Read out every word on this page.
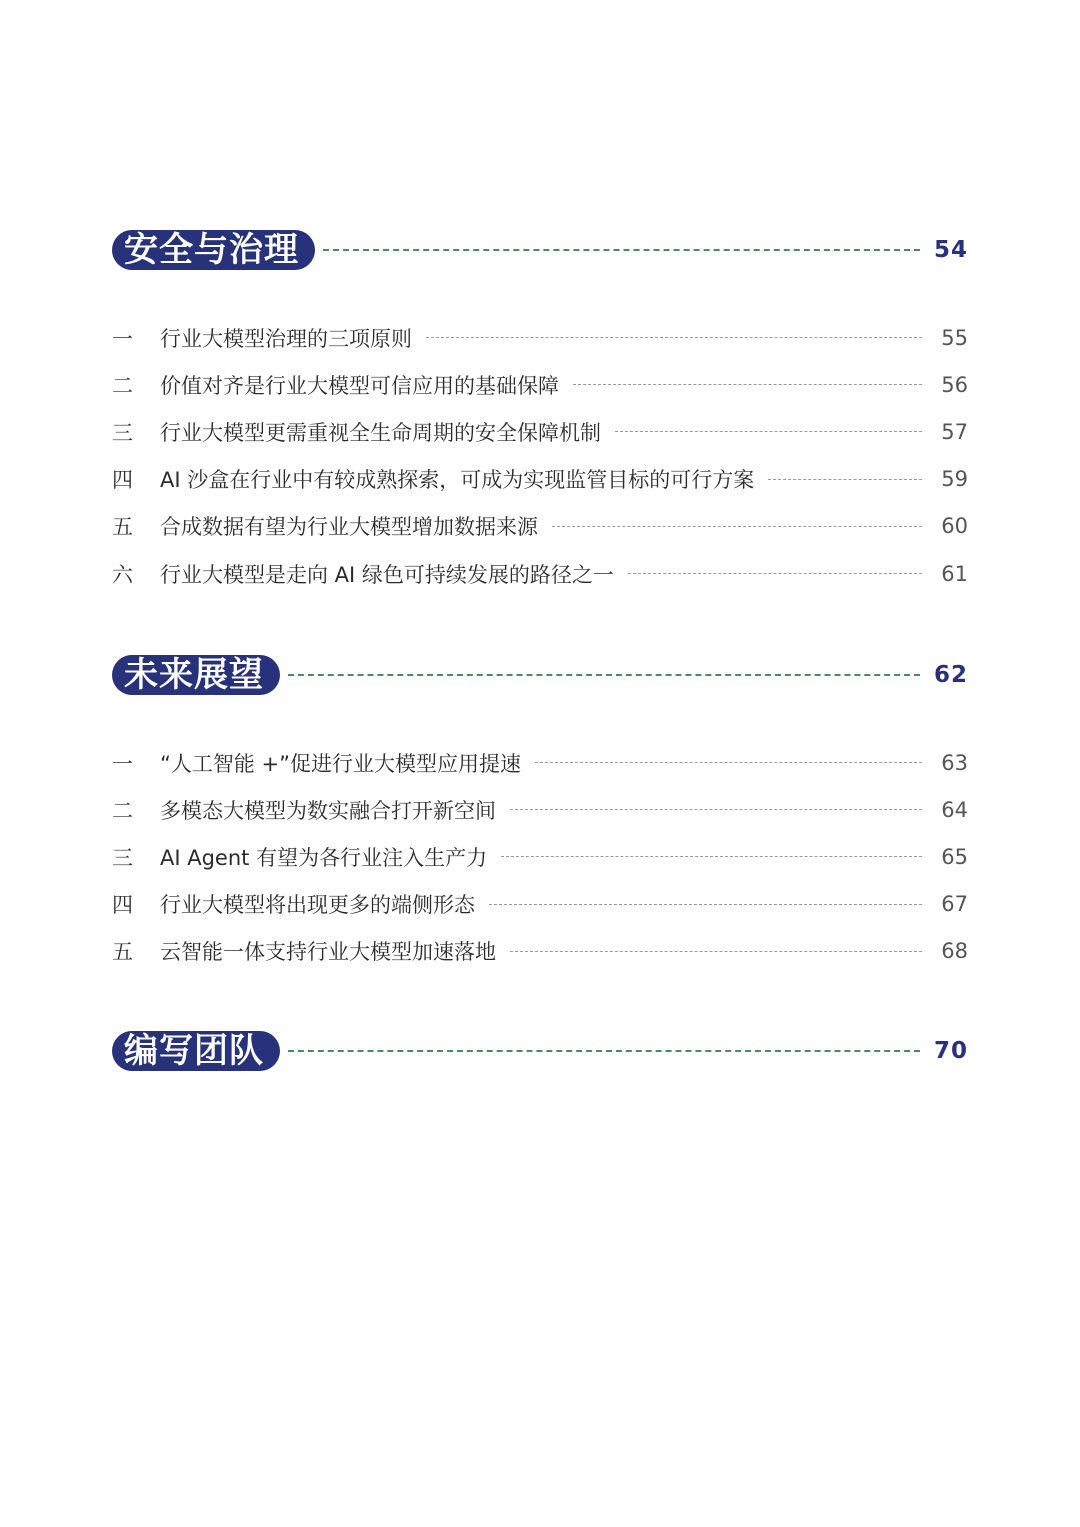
安全与治理	54
一	行业大模型治理的三项原则	55
二	价值对齐是行业大模型可信应用的基础保障	56
三	行业大模型更需重视全生命周期的安全保障机制	57
四	AI 沙盒在行业中有较成熟探索，可成为实现监管目标的可行方案	59
五	合成数据有望为行业大模型增加数据来源	60
六	行业大模型是走向 AI 绿色可持续发展的路径之一	61
未来展望	62
一	“人工智能 +”促进行业大模型应用提速	63
二	多模态大模型为数实融合打开新空间	64
三	AI Agent 有望为各行业注入生产力	65
四	行业大模型将出现更多的端侧形态	67
五	云智能一体支持行业大模型加速落地	68
编写团队	70
